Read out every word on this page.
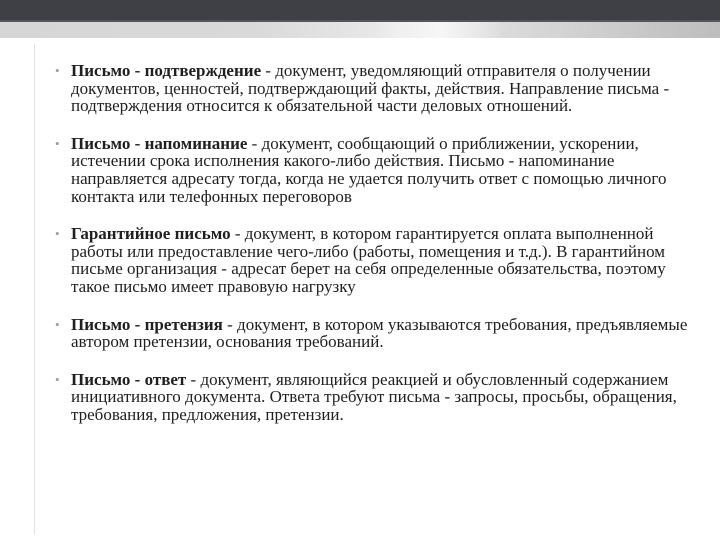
• Письмо - подтверждение - документ, уведомляющий отправителя о получении документов, ценностей, подтверждающий факты, действия. Направление письма - подтверждения относится к обязательной части деловых отношений.
• Письмо - напоминание - документ, сообщающий о приближении, ускорении, истечении срока исполнения какого-либо действия. Письмо - напоминание направляется адресату тогда, когда не удается получить ответ с помощью личного контакта или телефонных переговоров
• Гарантийное письмо - документ, в котором гарантируется оплата выполненной работы или предоставление чего-либо (работы, помещения и т.д.). В гарантийном письме организация - адресат берет на себя определенные обязательства, поэтому такое письмо имеет правовую нагрузку
• Письмо - претензия - документ, в котором указываются требования, предъявляемые автором претензии, основания требований.
• Письмо - ответ - документ, являющийся реакцией и обусловленный содержанием инициативного документа. Ответа требуют письма - запросы, просьбы, обращения, требования, предложения, претензии.
